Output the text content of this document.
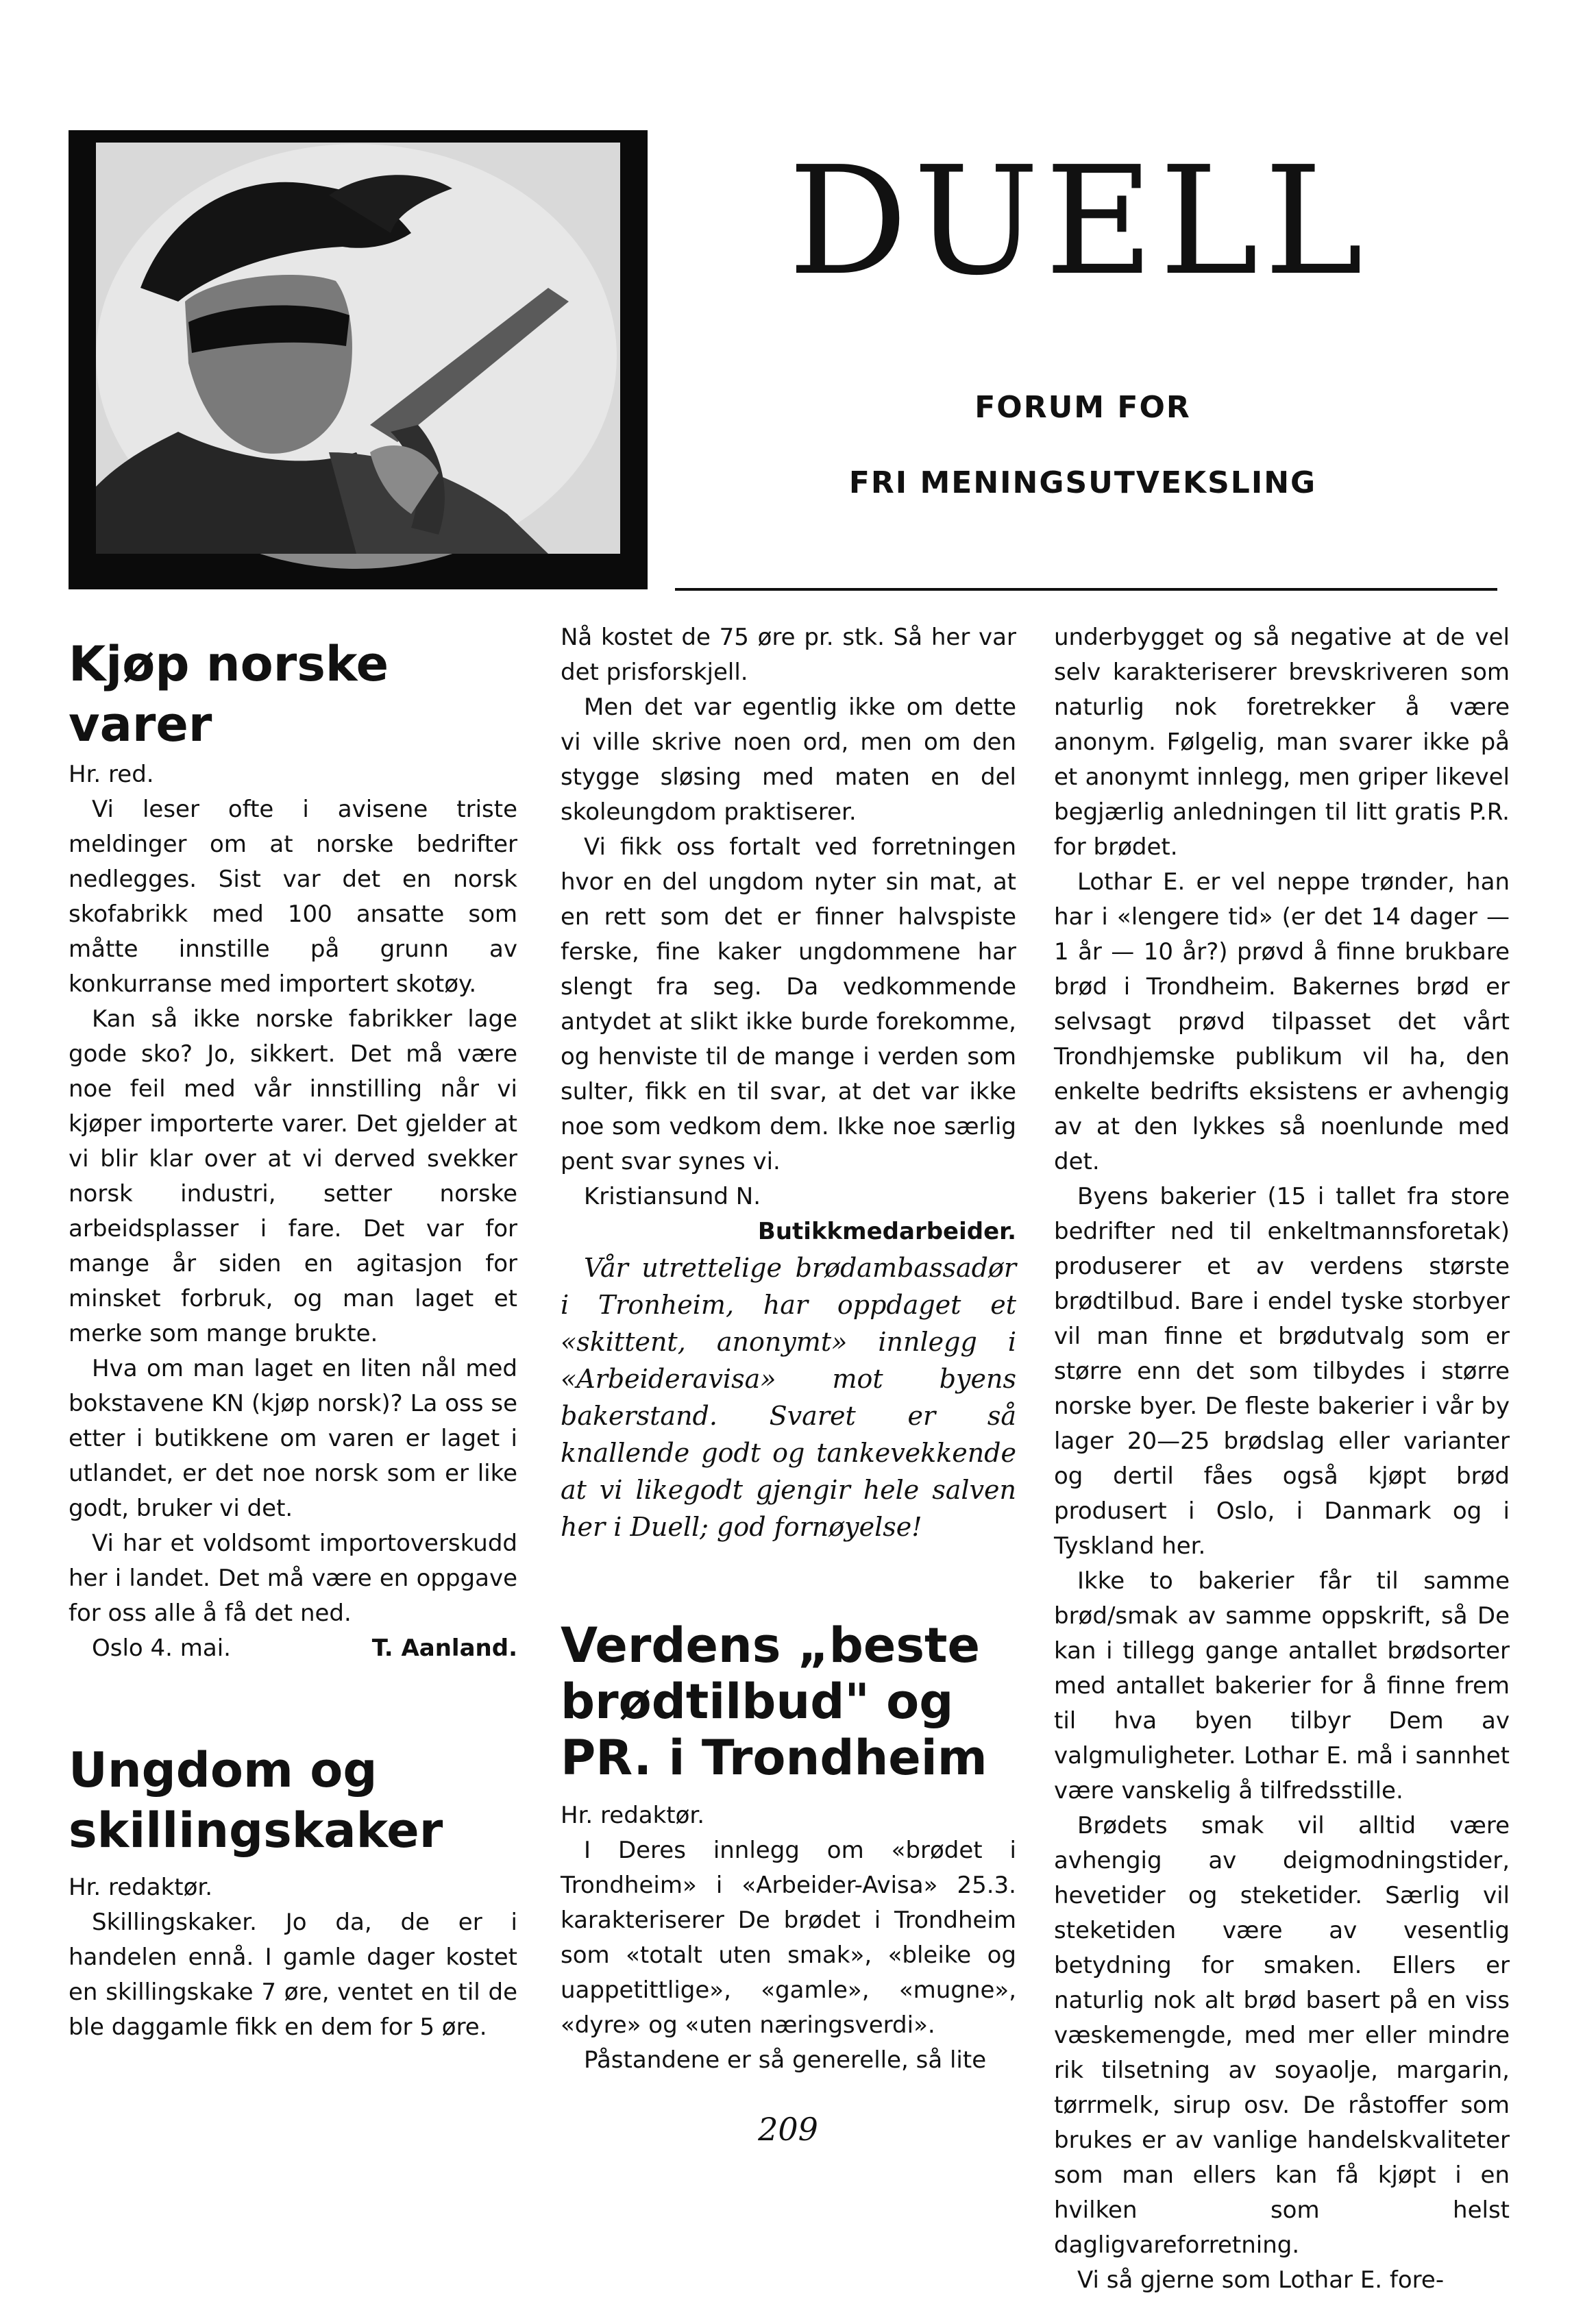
DUELL
FORUM FOR
FRI MENINGSUTVEKSLING
Kjøp norske varer

Hr. red.

Vi leser ofte i avisene triste meldinger om at norske bedrifter nedlegges. Sist var det en norsk skofabrikk med 100 ansatte som måtte innstille på grunn av konkurranse med importert skotøy.

Kan så ikke norske fabrikker lage gode sko? Jo, sikkert. Det må være noe feil med vår innstilling når vi kjøper importerte varer. Det gjelder at vi blir klar over at vi derved svekker norsk industri, setter norske arbeidsplasser i fare. Det var for mange år siden en agitasjon for minsket forbruk, og man laget et merke som mange brukte.

Hva om man laget en liten nål med bokstavene KN (kjøp norsk)? La oss se etter i butikkene om varen er laget i utlandet, er det noe norsk som er like godt, bruker vi det.

Vi har et voldsomt importoverskudd her i landet. Det må være en oppgave for oss alle å få det ned.

Oslo 4. mai.	T. Aanland.
Ungdom og skillingskaker

Hr. redaktør.

Skillingskaker. Jo da, de er i handelen ennå. I gamle dager kostet en skillingskake 7 øre, ventet en til de ble daggamle fikk en dem for 5 øre.

Nå kostet de 75 øre pr. stk. Så her var det prisforskjell.

Men det var egentlig ikke om dette vi ville skrive noen ord, men om den stygge sløsing med maten en del skoleungdom praktiserer.

Vi fikk oss fortalt ved forretningen hvor en del ungdom nyter sin mat, at en rett som det er finner halvspiste ferske, fine kaker ungdommene har slengt fra seg. Da vedkommende antydet at slikt ikke burde forekomme, og henviste til de mange i verden som sulter, fikk en til svar, at det var ikke noe som vedkom dem. Ikke noe særlig pent svar synes vi.

Kristiansund N.

Butikkmedarbeider.

Vår utrettelige brødambassadør i Tronheim, har oppdaget et «skittent, anonymt» innlegg i «Arbeideravisa» mot byens bakerstand. Svaret er så knallende godt og tankevekkende at vi likegodt gjengir hele salven her i Duell; god fornøyelse!

Verdens „beste brødtilbud" og PR. i Trondheim

Hr. redaktør.

I Deres innlegg om «brødet i Trondheim» i «Arbeider-Avisa» 25.3. karakteriserer De brødet i Trondheim som «totalt uten smak», «bleike og uappetittlige», «gamle», «mugne», «dyre» og «uten næringsverdi».

Påstandene er så generelle, så lite

underbygget og så negative at de vel selv karakteriserer brevskriveren som naturlig nok foretrekker å være anonym. Følgelig, man svarer ikke på et anonymt innlegg, men griper likevel begjærlig anledningen til litt gratis P.R. for brødet.

Lothar E. er vel neppe trønder, han har i «lengere tid» (er det 14 dager — 1 år — 10 år?) prøvd å finne brukbare brød i Trondheim. Bakernes brød er selvsagt prøvd tilpasset det vårt Trondhjemske publikum vil ha, den enkelte bedrifts eksistens er avhengig av at den lykkes så noenlunde med det.

Byens bakerier (15 i tallet fra store bedrifter ned til enkeltmannsforetak) produserer et av verdens største brødtilbud. Bare i endel tyske storbyer vil man finne et brødutvalg som er større enn det som tilbydes i større norske byer. De fleste bakerier i vår by lager 20—25 brødslag eller varianter og dertil fåes også kjøpt brød produsert i Oslo, i Danmark og i Tyskland her.

Ikke to bakerier får til samme brød/smak av samme oppskrift, så De kan i tillegg gange antallet brødsorter med antallet bakerier for å finne frem til hva byen tilbyr Dem av valgmuligheter. Lothar E. må i sannhet være vanskelig å tilfredsstille.

Brødets smak vil alltid være avhengig av deigmodningstider, hevetider og steketider. Særlig vil steketiden være av vesentlig betydning for smaken. Ellers er naturlig nok alt brød basert på en viss væskemengde, med mer eller mindre rik tilsetning av soyaolje, margarin, tørrmelk, sirup osv. De råstoffer som brukes er av vanlige handelskvaliteter som man ellers kan få kjøpt i en hvilken som helst dagligvareforretning.

Vi så gjerne som Lothar E. fore-

209
